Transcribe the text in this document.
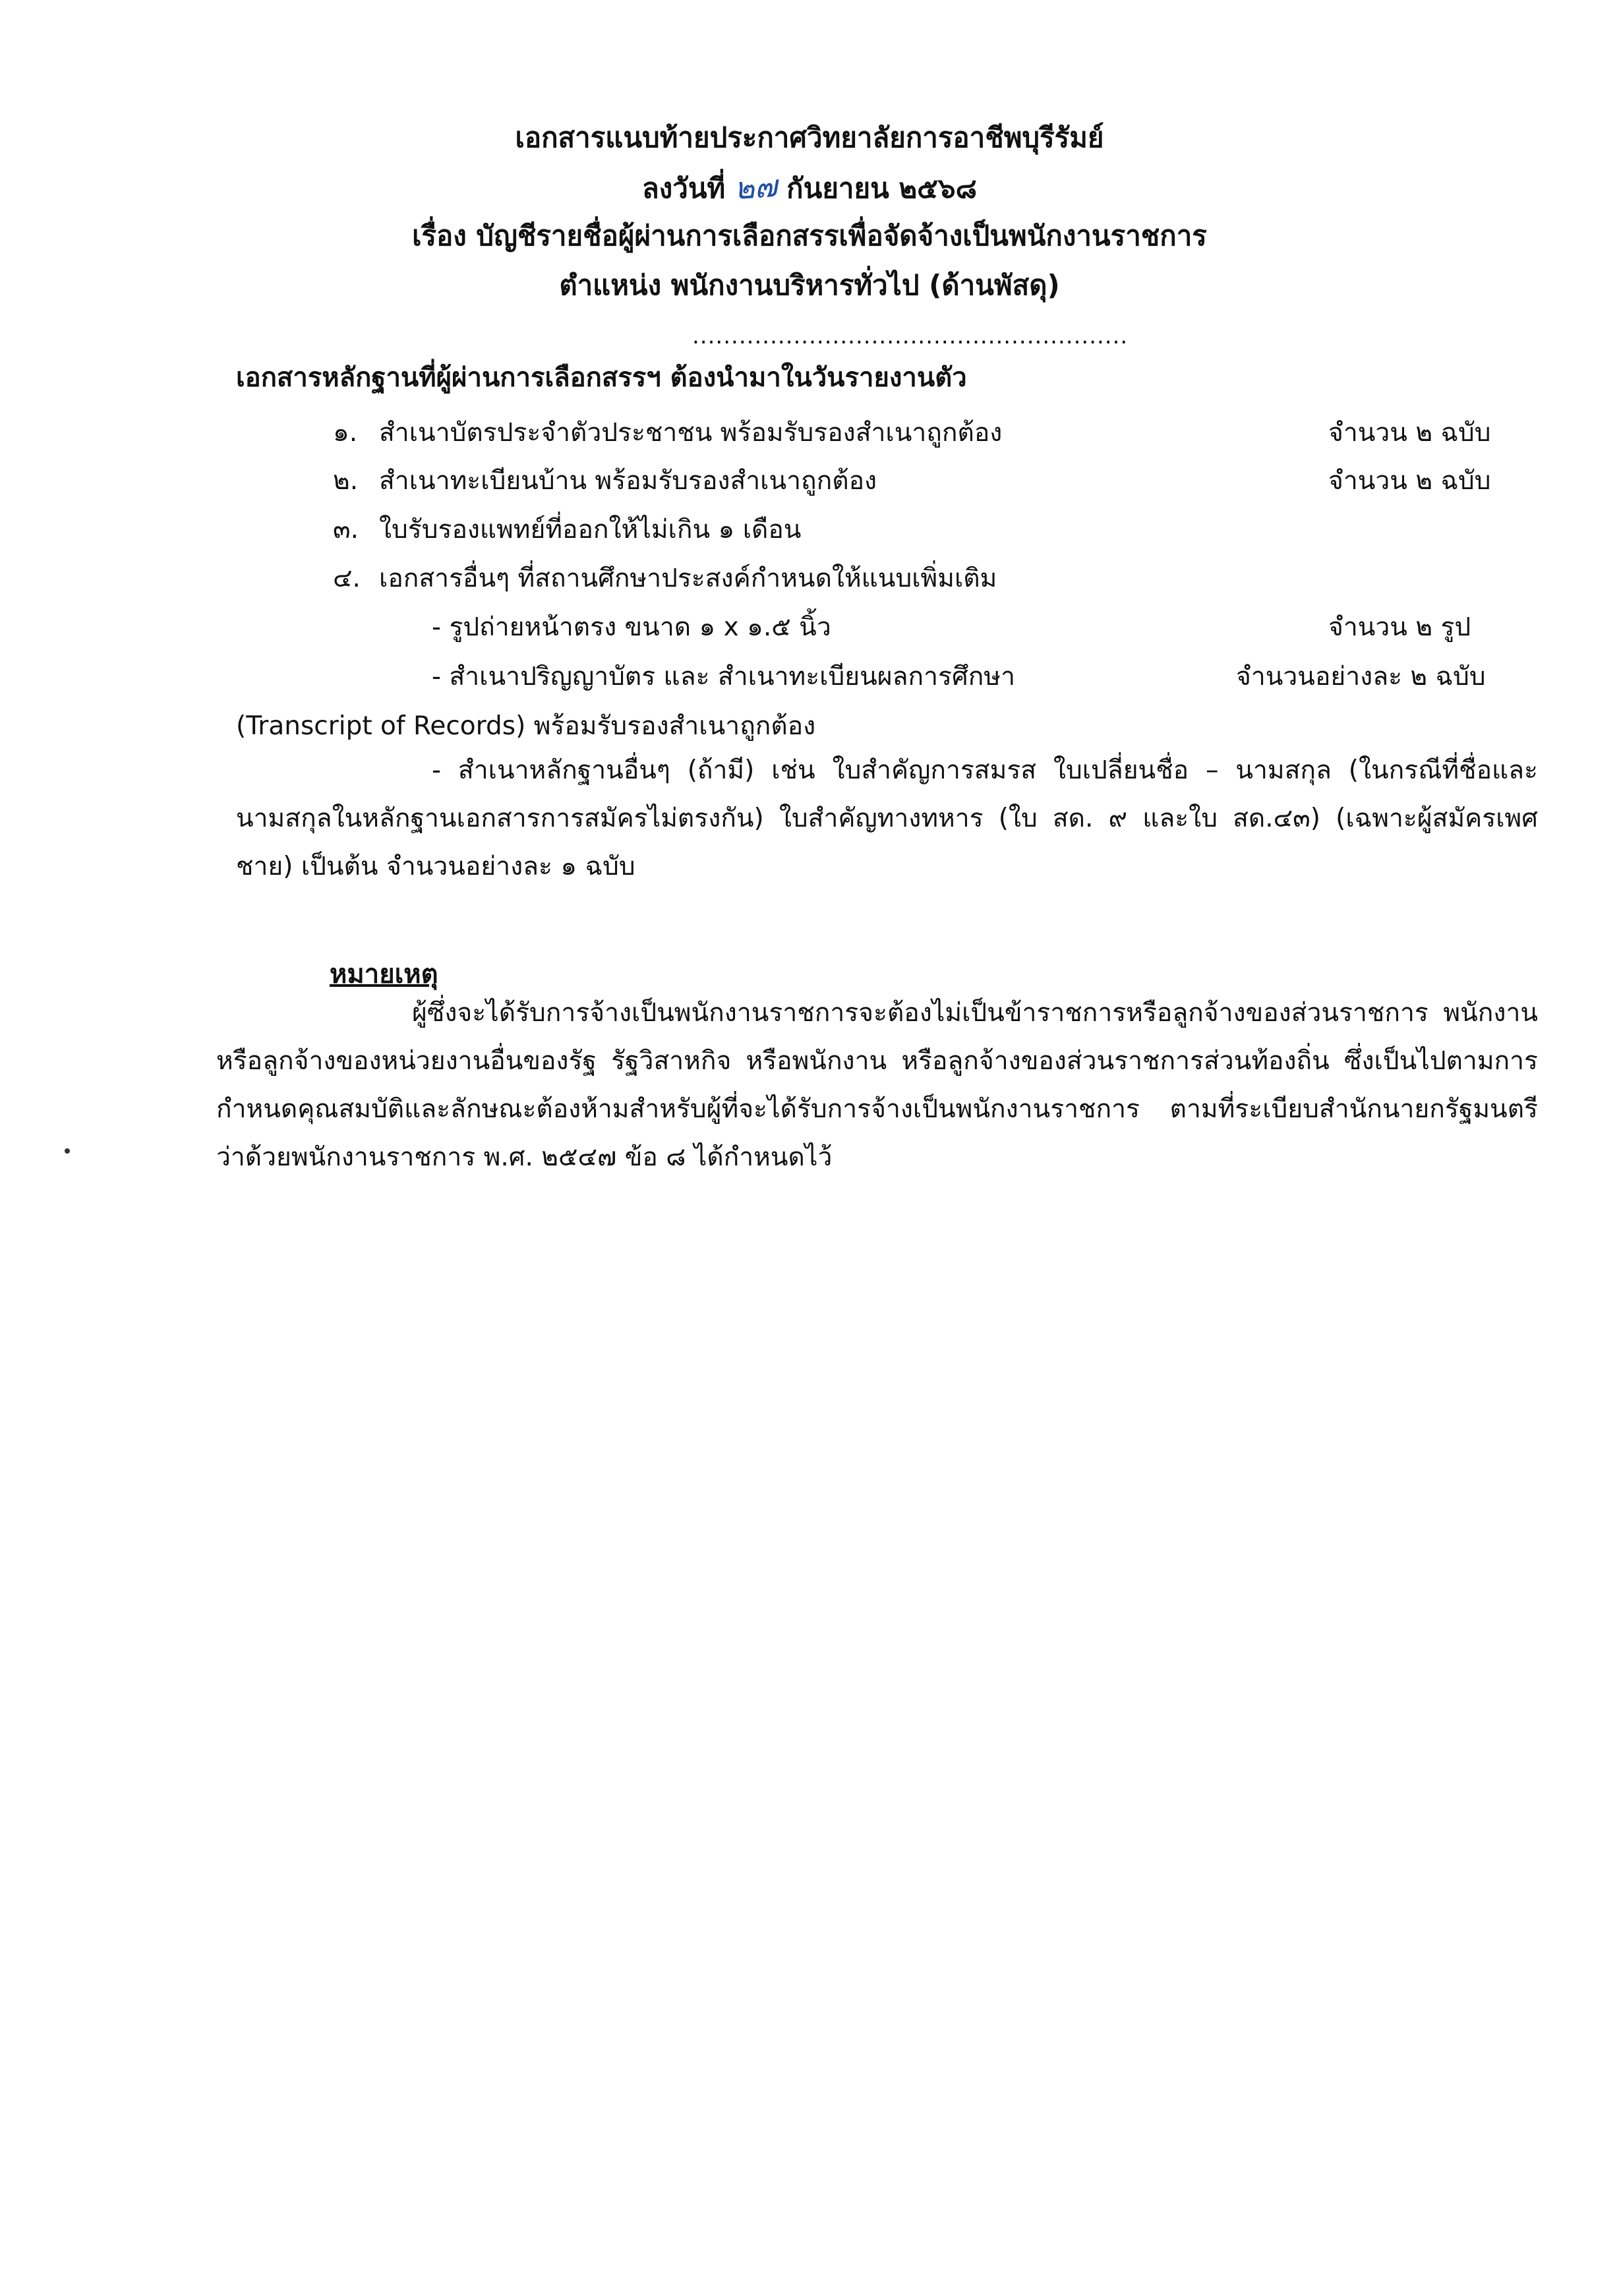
เอกสารแนบท้ายประกาศวิทยาลัยการอาชีพบุรีรัมย์
ลงวันที่ ๒๗ กันยายน ๒๕๖๘
เรื่อง บัญชีรายชื่อผู้ผ่านการเลือกสรรเพื่อจัดจ้างเป็นพนักงานราชการ
ตำแหน่ง พนักงานบริหารทั่วไป (ด้านพัสดุ)
........................................................
เอกสารหลักฐานที่ผู้ผ่านการเลือกสรรฯ ต้องนำมาในวันรายงานตัว
๑. สำเนาบัตรประจำตัวประชาชน พร้อมรับรองสำเนาถูกต้อง	จำนวน ๒ ฉบับ
๒. สำเนาทะเบียนบ้าน พร้อมรับรองสำเนาถูกต้อง	จำนวน ๒ ฉบับ
๓. ใบรับรองแพทย์ที่ออกให้ไม่เกิน ๑ เดือน
๔. เอกสารอื่นๆ ที่สถานศึกษาประสงค์กำหนดให้แนบเพิ่มเติม
- รูปถ่ายหน้าตรง ขนาด ๑ x ๑.๕ นิ้ว	จำนวน ๒ รูป
- สำเนาปริญญาบัตร และ สำเนาทะเบียนผลการศึกษา	จำนวนอย่างละ ๒ ฉบับ
(Transcript of Records) พร้อมรับรองสำเนาถูกต้อง
- สำเนาหลักฐานอื่นๆ (ถ้ามี) เช่น ใบสำคัญการสมรส ใบเปลี่ยนชื่อ – นามสกุล (ในกรณีที่ชื่อและนามสกุลในหลักฐานเอกสารการสมัครไม่ตรงกัน) ใบสำคัญทางทหาร (ใบ สด. ๙ และใบ สด.๔๓) (เฉพาะผู้สมัครเพศชาย) เป็นต้น จำนวนอย่างละ ๑ ฉบับ
หมายเหตุ
ผู้ซึ่งจะได้รับการจ้างเป็นพนักงานราชการจะต้องไม่เป็นข้าราชการหรือลูกจ้างของส่วนราชการ พนักงาน หรือลูกจ้างของหน่วยงานอื่นของรัฐ รัฐวิสาหกิจ หรือพนักงาน หรือลูกจ้างของส่วนราชการส่วนท้องถิ่น ซึ่งเป็นไปตามการกำหนดคุณสมบัติและลักษณะต้องห้ามสำหรับผู้ที่จะได้รับการจ้างเป็นพนักงานราชการ ตามที่ระเบียบสำนักนายกรัฐมนตรี ว่าด้วยพนักงานราชการ พ.ศ. ๒๕๔๗ ข้อ ๘ ได้กำหนดไว้
